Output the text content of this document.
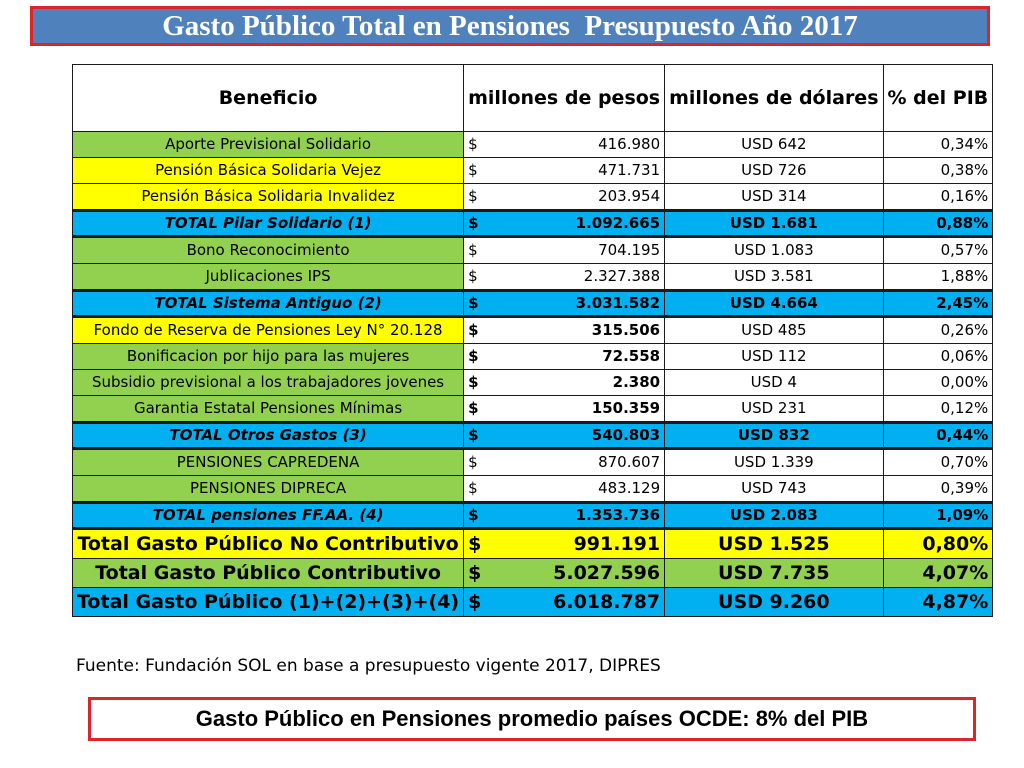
Gasto Público Total en Pensiones  Presupuesto Año 2017
Beneficio	millones de pesos	millones de dólares	% del PIB
Aporte Previsional Solidario	$ 416.980	USD 642	0,34%
Pensión Básica Solidaria Vejez	$ 471.731	USD 726	0,38%
Pensión Básica Solidaria Invalidez	$ 203.954	USD 314	0,16%
TOTAL Pilar Solidario (1)	$ 1.092.665	USD 1.681	0,88%
Bono Reconocimiento	$ 704.195	USD 1.083	0,57%
Jublicaciones IPS	$ 2.327.388	USD 3.581	1,88%
TOTAL Sistema Antiguo (2)	$ 3.031.582	USD 4.664	2,45%
Fondo de Reserva de Pensiones Ley N° 20.128	$ 315.506	USD 485	0,26%
Bonificacion por hijo para las mujeres	$ 72.558	USD 112	0,06%
Subsidio previsional a los trabajadores jovenes	$ 2.380	USD 4	0,00%
Garantia Estatal Pensiones Mínimas	$ 150.359	USD 231	0,12%
TOTAL Otros Gastos (3)	$ 540.803	USD 832	0,44%
PENSIONES CAPREDENA	$ 870.607	USD 1.339	0,70%
PENSIONES DIPRECA	$ 483.129	USD 743	0,39%
TOTAL pensiones FF.AA. (4)	$ 1.353.736	USD 2.083	1,09%
Total Gasto Público No Contributivo	$ 991.191	USD 1.525	0,80%
Total Gasto Público Contributivo	$ 5.027.596	USD 7.735	4,07%
Total Gasto Público (1)+(2)+(3)+(4)	$ 6.018.787	USD 9.260	4,87%
Fuente: Fundación SOL en base a presupuesto vigente 2017, DIPRES
Gasto Público en Pensiones promedio países OCDE: 8% del PIB
